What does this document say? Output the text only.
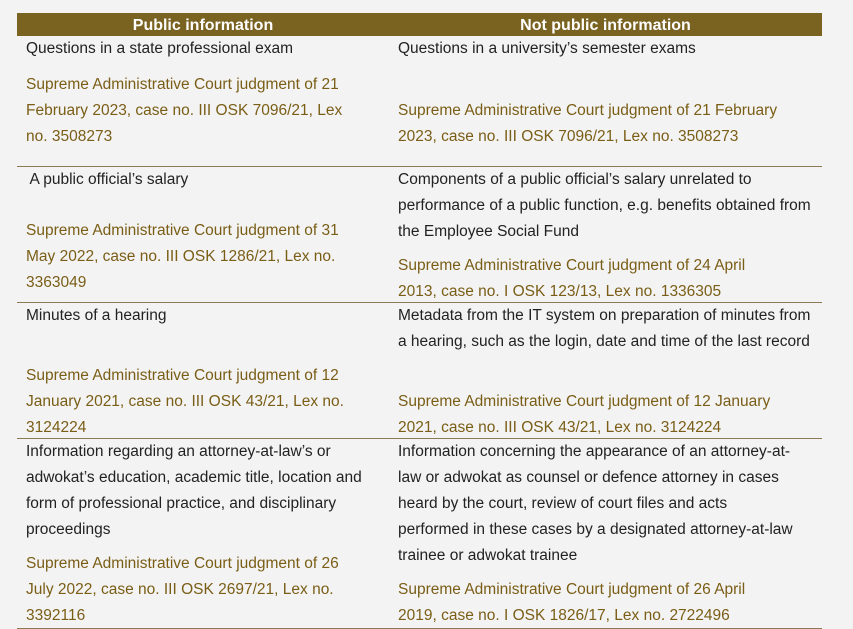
Public information	Not public information
Questions in a state professional exam
Supreme Administrative Court judgment of 21 February 2023, case no. III OSK 7096/21, Lex no. 3508273
Questions in a university’s semester exams
Supreme Administrative Court judgment of 21 February 2023, case no. III OSK 7096/21, Lex no. 3508273
A public official’s salary
Supreme Administrative Court judgment of 31 May 2022, case no. III OSK 1286/21, Lex no. 3363049
Components of a public official’s salary unrelated to performance of a public function, e.g. benefits obtained from the Employee Social Fund
Supreme Administrative Court judgment of 24 April 2013, case no. I OSK 123/13, Lex no. 1336305
Minutes of a hearing
Supreme Administrative Court judgment of 12 January 2021, case no. III OSK 43/21, Lex no. 3124224
Metadata from the IT system on preparation of minutes from a hearing, such as the login, date and time of the last record
Supreme Administrative Court judgment of 12 January 2021, case no. III OSK 43/21, Lex no. 3124224
Information regarding an attorney-at-law’s or adwokat’s education, academic title, location and form of professional practice, and disciplinary proceedings
Supreme Administrative Court judgment of 26 July 2022, case no. III OSK 2697/21, Lex no. 3392116
Information concerning the appearance of an attorney-at-law or adwokat as counsel or defence attorney in cases heard by the court, review of court files and acts performed in these cases by a designated attorney-at-law trainee or adwokat trainee
Supreme Administrative Court judgment of 26 April 2019, case no. I OSK 1826/17, Lex no. 2722496
